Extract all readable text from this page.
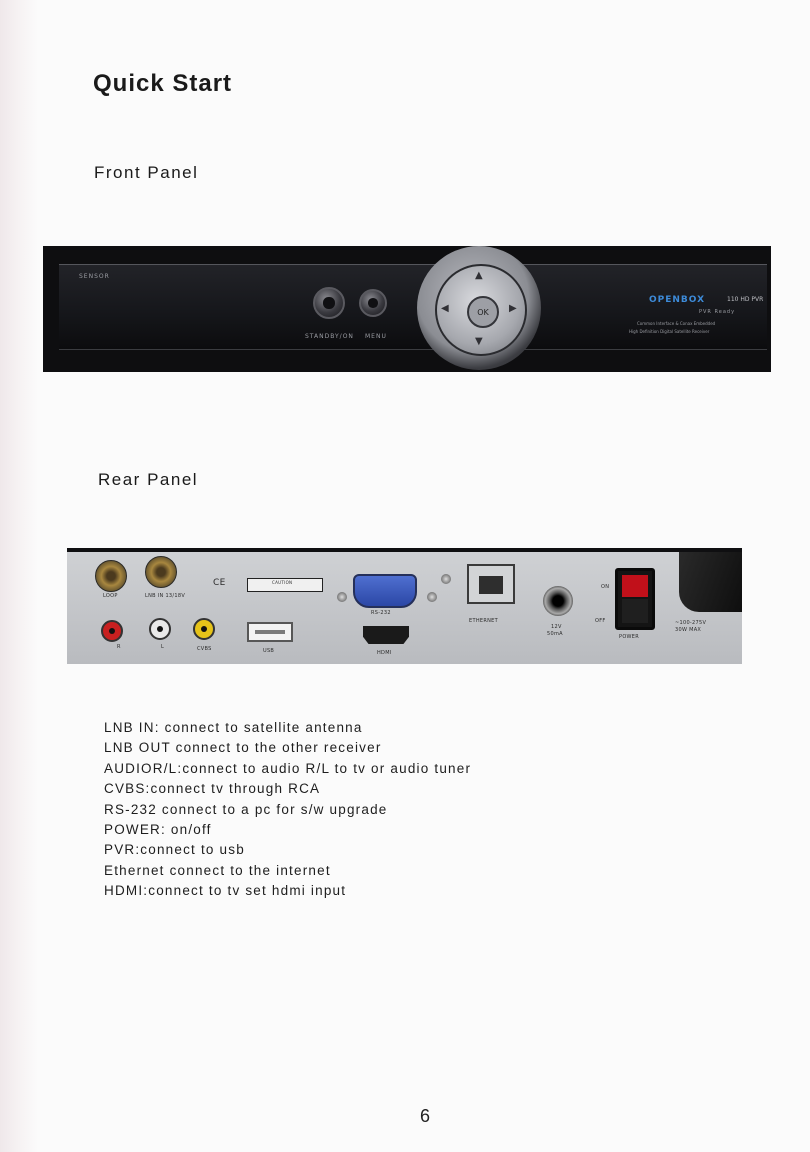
Quick Start
Front Panel
SENSOR
STANDBY/ON MENU
OPENBOX	110 HD PVR
PVR Ready
Common Interface & Conax Embedded
High Definition Digital Satellite Receiver
▲
▼
◀	▶
OK
Rear Panel
LOOP	LNB IN 13/18V
R	L	CVBS
CE	CAUTION
USB
RS-232
HDMI
ETHERNET
12V
50mA
ON
OFF
POWER
~100-275V
30W MAX
LNB IN: connect to satellite antenna
LNB OUT connect to the other receiver
AUDIOR/L:connect to audio R/L to tv or audio tuner
CVBS:connect tv through RCA
RS-232 connect to a pc for s/w upgrade
POWER: on/off
PVR:connect to usb
Ethernet connect to the internet
HDMI:connect to tv set hdmi input
6
